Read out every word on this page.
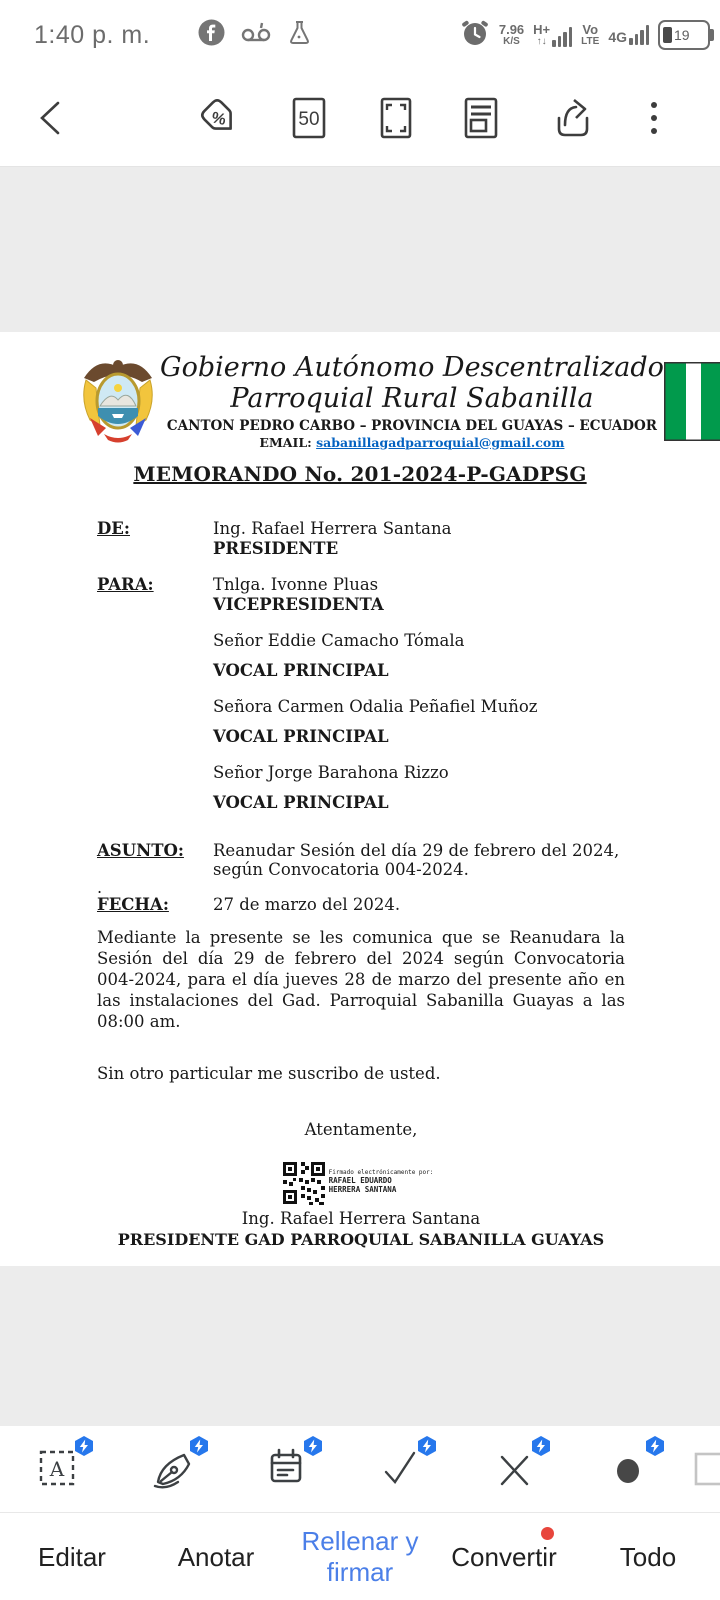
1:40 p. m.	7.96
K/S
H+
↑↓
Vo
LTE 4G	19
%	50
Gobierno Autónomo Descentralizado
Parroquial Rural Sabanilla
CANTON PEDRO CARBO – PROVINCIA DEL GUAYAS – ECUADOR
EMAIL: sabanillagadparroquial@gmail.com
MEMORANDO No. 201-2024-P-GADPSG
DE:	Ing. Rafael Herrera Santana
PRESIDENTE
PARA:	Tnlga. Ivonne Pluas
VICEPRESIDENTA
Señor Eddie Camacho Tómala
VOCAL PRINCIPAL
Señora Carmen Odalia Peñafiel Muñoz
VOCAL PRINCIPAL
Señor Jorge Barahona Rizzo
VOCAL PRINCIPAL
ASUNTO:	Reanudar Sesión del día 29 de febrero del 2024, según Convocatoria 004-2024.
.
FECHA:	27 de marzo del 2024.
Mediante la presente se les comunica que se Reanudara la Sesión del día 29 de febrero del 2024 según Convocatoria 004-2024, para el día jueves 28 de marzo del presente año en las instalaciones del Gad. Parroquial Sabanilla Guayas a las 08:00 am.
Sin otro particular me suscribo de usted.
Atentamente,
Firmado electrónicamente por:
RAFAEL EDUARDO
HERRERA SANTANA
Ing. Rafael Herrera Santana
PRESIDENTE GAD PARROQUIAL SABANILLA GUAYAS
A
Editar	Anotar
Rellenar y firmar
Convertir	Todo
